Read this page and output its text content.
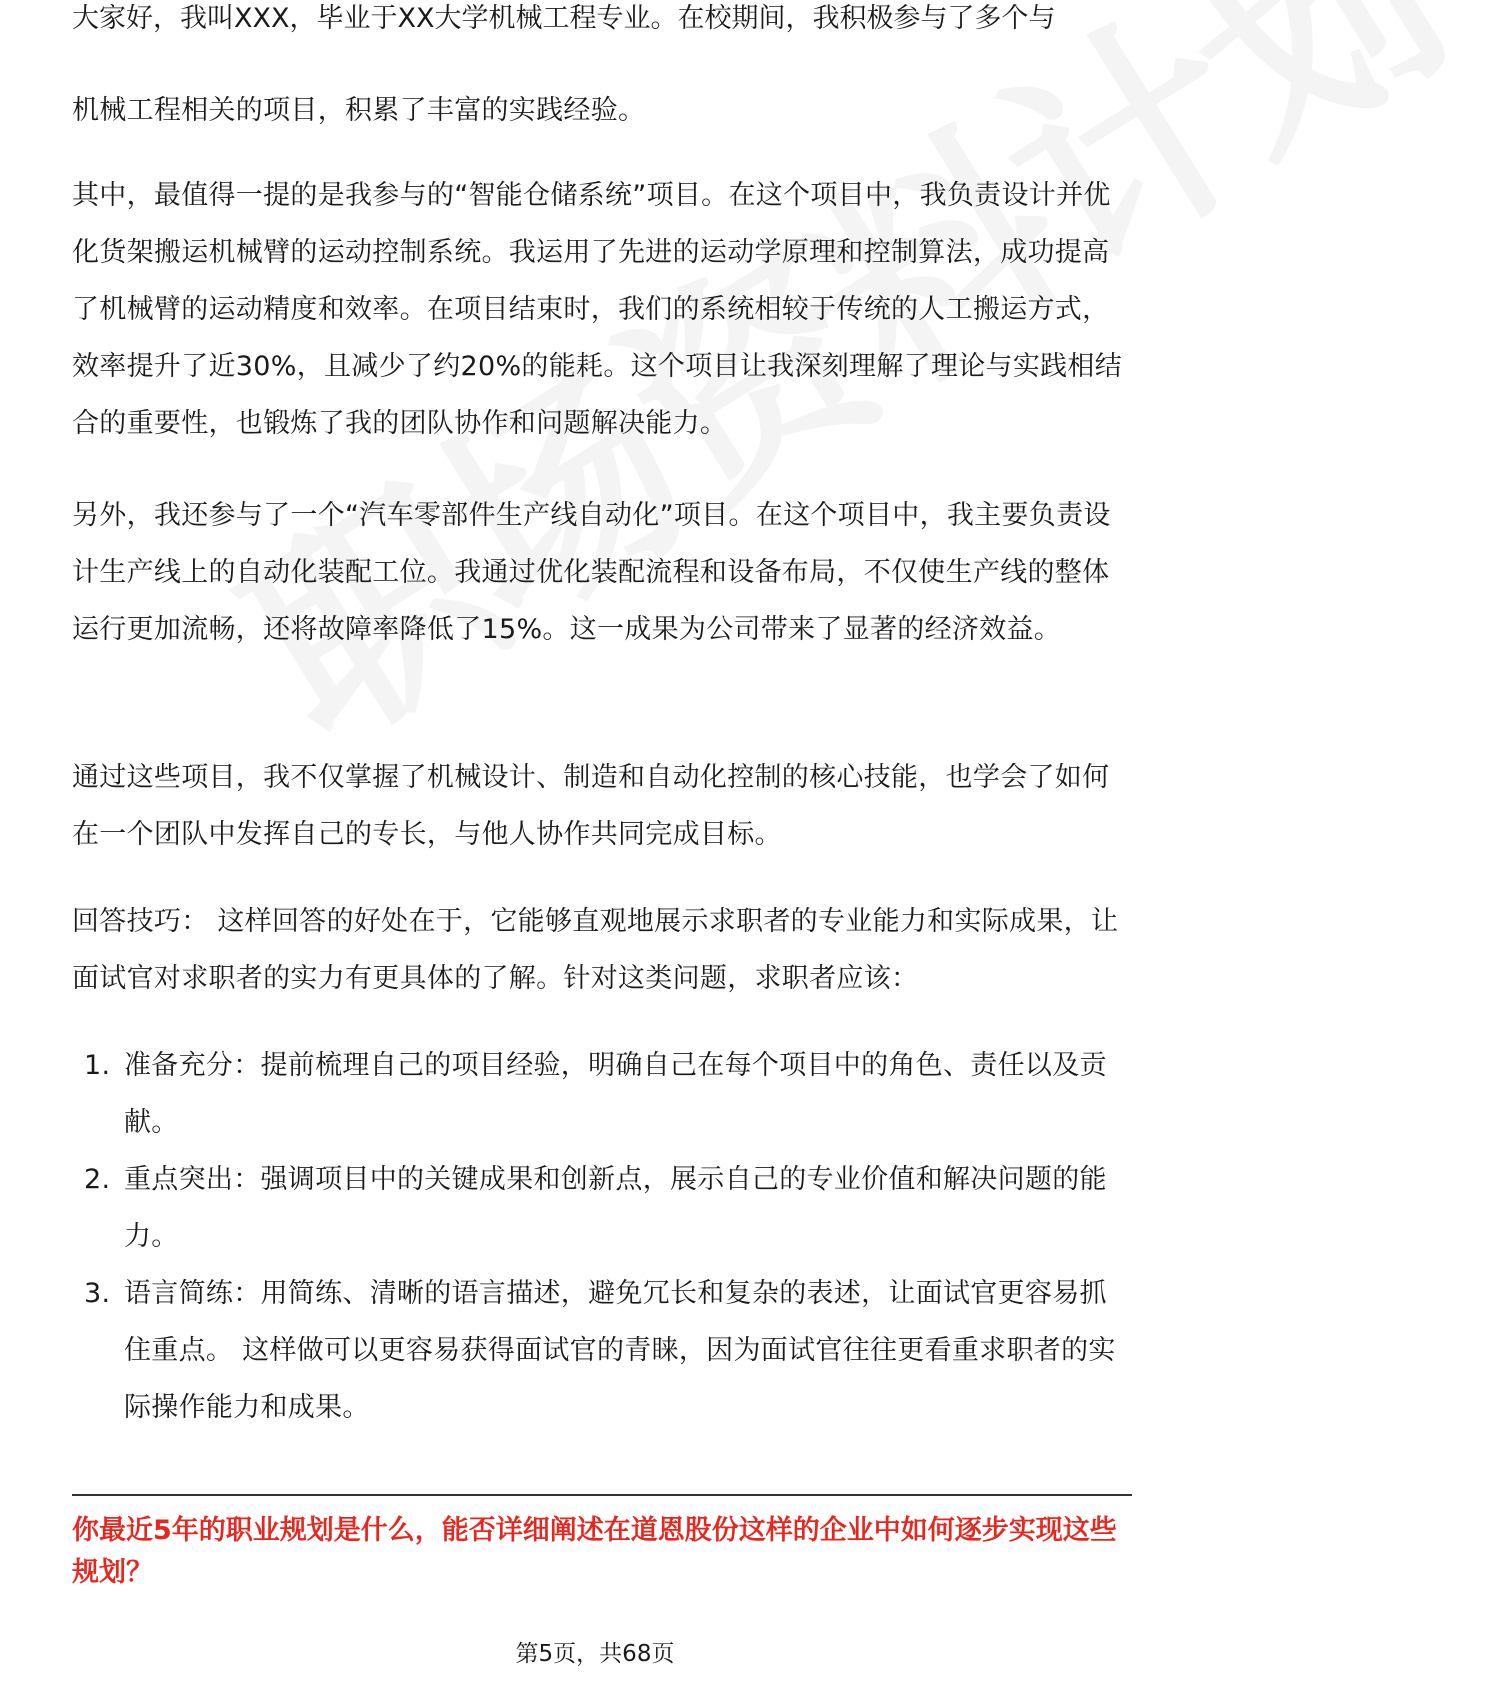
大家好，我叫XXX，毕业于XX大学机械工程专业。在校期间，我积极参与了多个与

机械工程相关的项目，积累了丰富的实践经验。

其中，最值得一提的是我参与的“智能仓储系统”项目。在这个项目中，我负责设计并优化货架搬运机械臂的运动控制系统。我运用了先进的运动学原理和控制算法，成功提高了机械臂的运动精度和效率。在项目结束时，我们的系统相较于传统的人工搬运方式，效率提升了近30%，且减少了约20%的能耗。这个项目让我深刻理解了理论与实践相结合的重要性，也锻炼了我的团队协作和问题解决能力。

另外，我还参与了一个“汽车零部件生产线自动化”项目。在这个项目中，我主要负责设计生产线上的自动化装配工位。我通过优化装配流程和设备布局，不仅使生产线的整体运行更加流畅，还将故障率降低了15%。这一成果为公司带来了显著的经济效益。

通过这些项目，我不仅掌握了机械设计、制造和自动化控制的核心技能，也学会了如何在一个团队中发挥自己的专长，与他人协作共同完成目标。

回答技巧： 这样回答的好处在于，它能够直观地展示求职者的专业能力和实际成果，让面试官对求职者的实力有更具体的了解。针对这类问题，求职者应该：

1. 准备充分：提前梳理自己的项目经验，明确自己在每个项目中的角色、责任以及贡献。
2. 重点突出：强调项目中的关键成果和创新点，展示自己的专业价值和解决问题的能力。
3. 语言简练：用简练、清晰的语言描述，避免冗长和复杂的表述，让面试官更容易抓住重点。 这样做可以更容易获得面试官的青睐，因为面试官往往更看重求职者的实际操作能力和成果。

你最近5年的职业规划是什么，能否详细阐述在道恩股份这样的企业中如何逐步实现这些规划？

第5页，共68页
